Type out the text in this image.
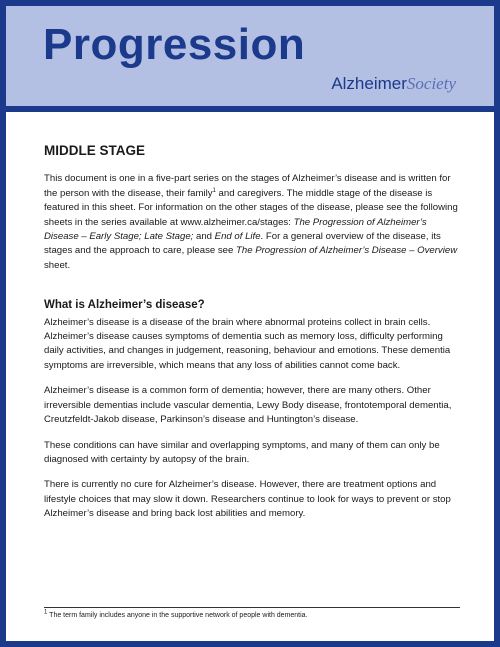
Progression
AlzheimerSociety
MIDDLE STAGE

This document is one in a five-part series on the stages of Alzheimer’s disease and is written for the person with the disease, their family$^1$ and caregivers. The middle stage of the disease is featured in this sheet. For information on the other stages of the disease, please see the following sheets in the series available at www.alzheimer.ca/stages: The Progression of Alzheimer’s Disease – Early Stage; Late Stage; and End of Life. For a general overview of the disease, its stages and the approach to care, please see The Progression of Alzheimer’s Disease – Overview sheet.

What is Alzheimer’s disease?

Alzheimer’s disease is a disease of the brain where abnormal proteins collect in brain cells. Alzheimer’s disease causes symptoms of dementia such as memory loss, difficulty performing daily activities, and changes in judgement, reasoning, behaviour and emotions. These dementia symptoms are irreversible, which means that any loss of abilities cannot come back.

Alzheimer’s disease is a common form of dementia; however, there are many others. Other irreversible dementias include vascular dementia, Lewy Body disease, frontotemporal dementia, Creutzfeldt-Jakob disease, Parkinson’s disease and Huntington’s disease.

These conditions can have similar and overlapping symptoms, and many of them can only be diagnosed with certainty by autopsy of the brain.

There is currently no cure for Alzheimer’s disease. However, there are treatment options and lifestyle choices that may slow it down. Researchers continue to look for ways to prevent or stop Alzheimer’s disease and bring back lost abilities and memory.

$^1$ The term family includes anyone in the supportive network of people with dementia.
